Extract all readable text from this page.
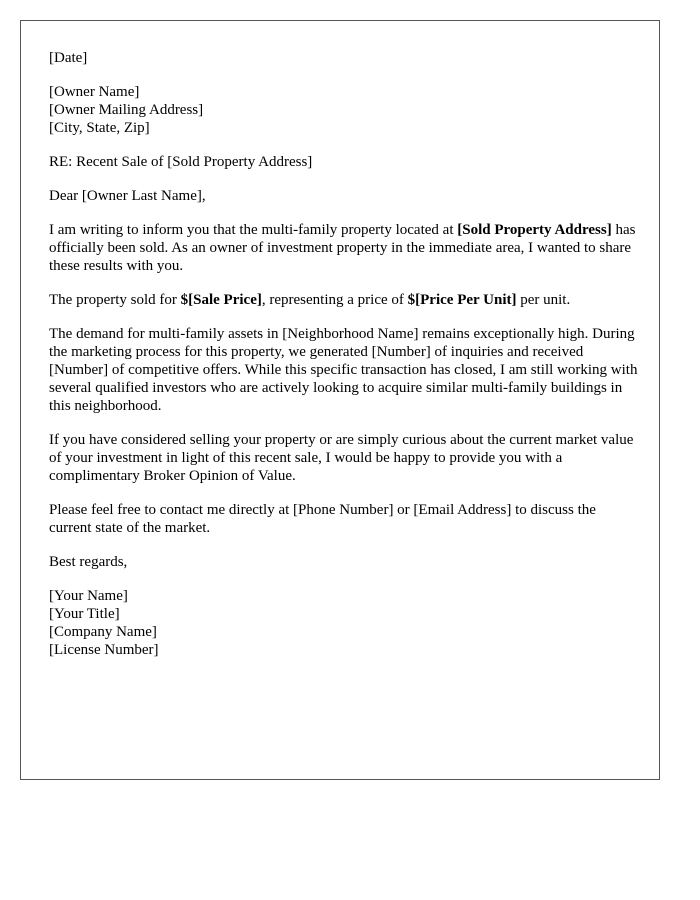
[Date]
[Owner Name]
[Owner Mailing Address]
[City, State, Zip]
RE: Recent Sale of [Sold Property Address]
Dear [Owner Last Name],

I am writing to inform you that the multi-family property located at [Sold Property Address] has officially been sold. As an owner of investment property in the immediate area, I wanted to share these results with you.

The property sold for $[Sale Price], representing a price of $[Price Per Unit] per unit.

The demand for multi-family assets in [Neighborhood Name] remains exceptionally high. During the marketing process for this property, we generated [Number] of inquiries and received [Number] of competitive offers. While this specific transaction has closed, I am still working with several qualified investors who are actively looking to acquire similar multi-family buildings in this neighborhood.

If you have considered selling your property or are simply curious about the current market value of your investment in light of this recent sale, I would be happy to provide you with a complimentary Broker Opinion of Value.

Please feel free to contact me directly at [Phone Number] or [Email Address] to discuss the current state of the market.

Best regards,
[Your Name]
[Your Title]
[Company Name]
[License Number]
